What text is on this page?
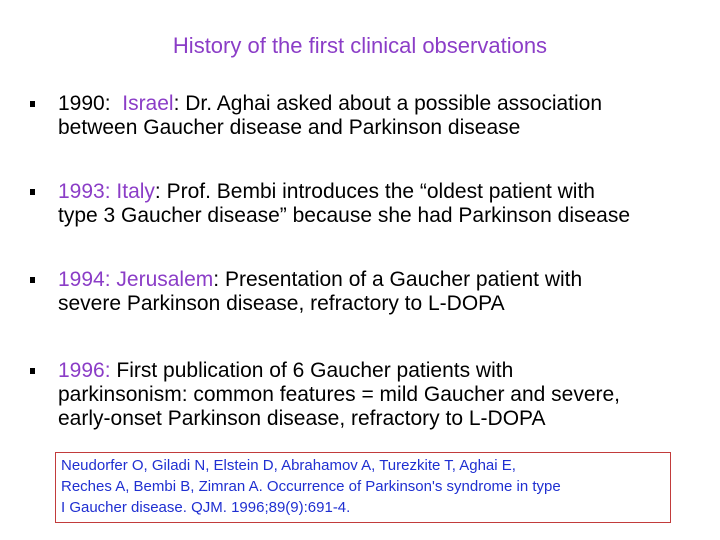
History of the first clinical observations
1990: Israel: Dr. Aghai asked about a possible association
between Gaucher disease and Parkinson disease
1993: Italy: Prof. Bembi introduces the “oldest patient with
type 3 Gaucher disease” because she had Parkinson disease
1994: Jerusalem: Presentation of a Gaucher patient with
severe Parkinson disease, refractory to L-DOPA
1996: First publication of 6 Gaucher patients with
parkinsonism: common features = mild Gaucher and severe,
early-onset Parkinson disease, refractory to L-DOPA
Neudorfer O, Giladi N, Elstein D, Abrahamov A, Turezkite T, Aghai E,
Reches A, Bembi B, Zimran A. Occurrence of Parkinson's syndrome in type
I Gaucher disease. QJM. 1996;89(9):691-4.
